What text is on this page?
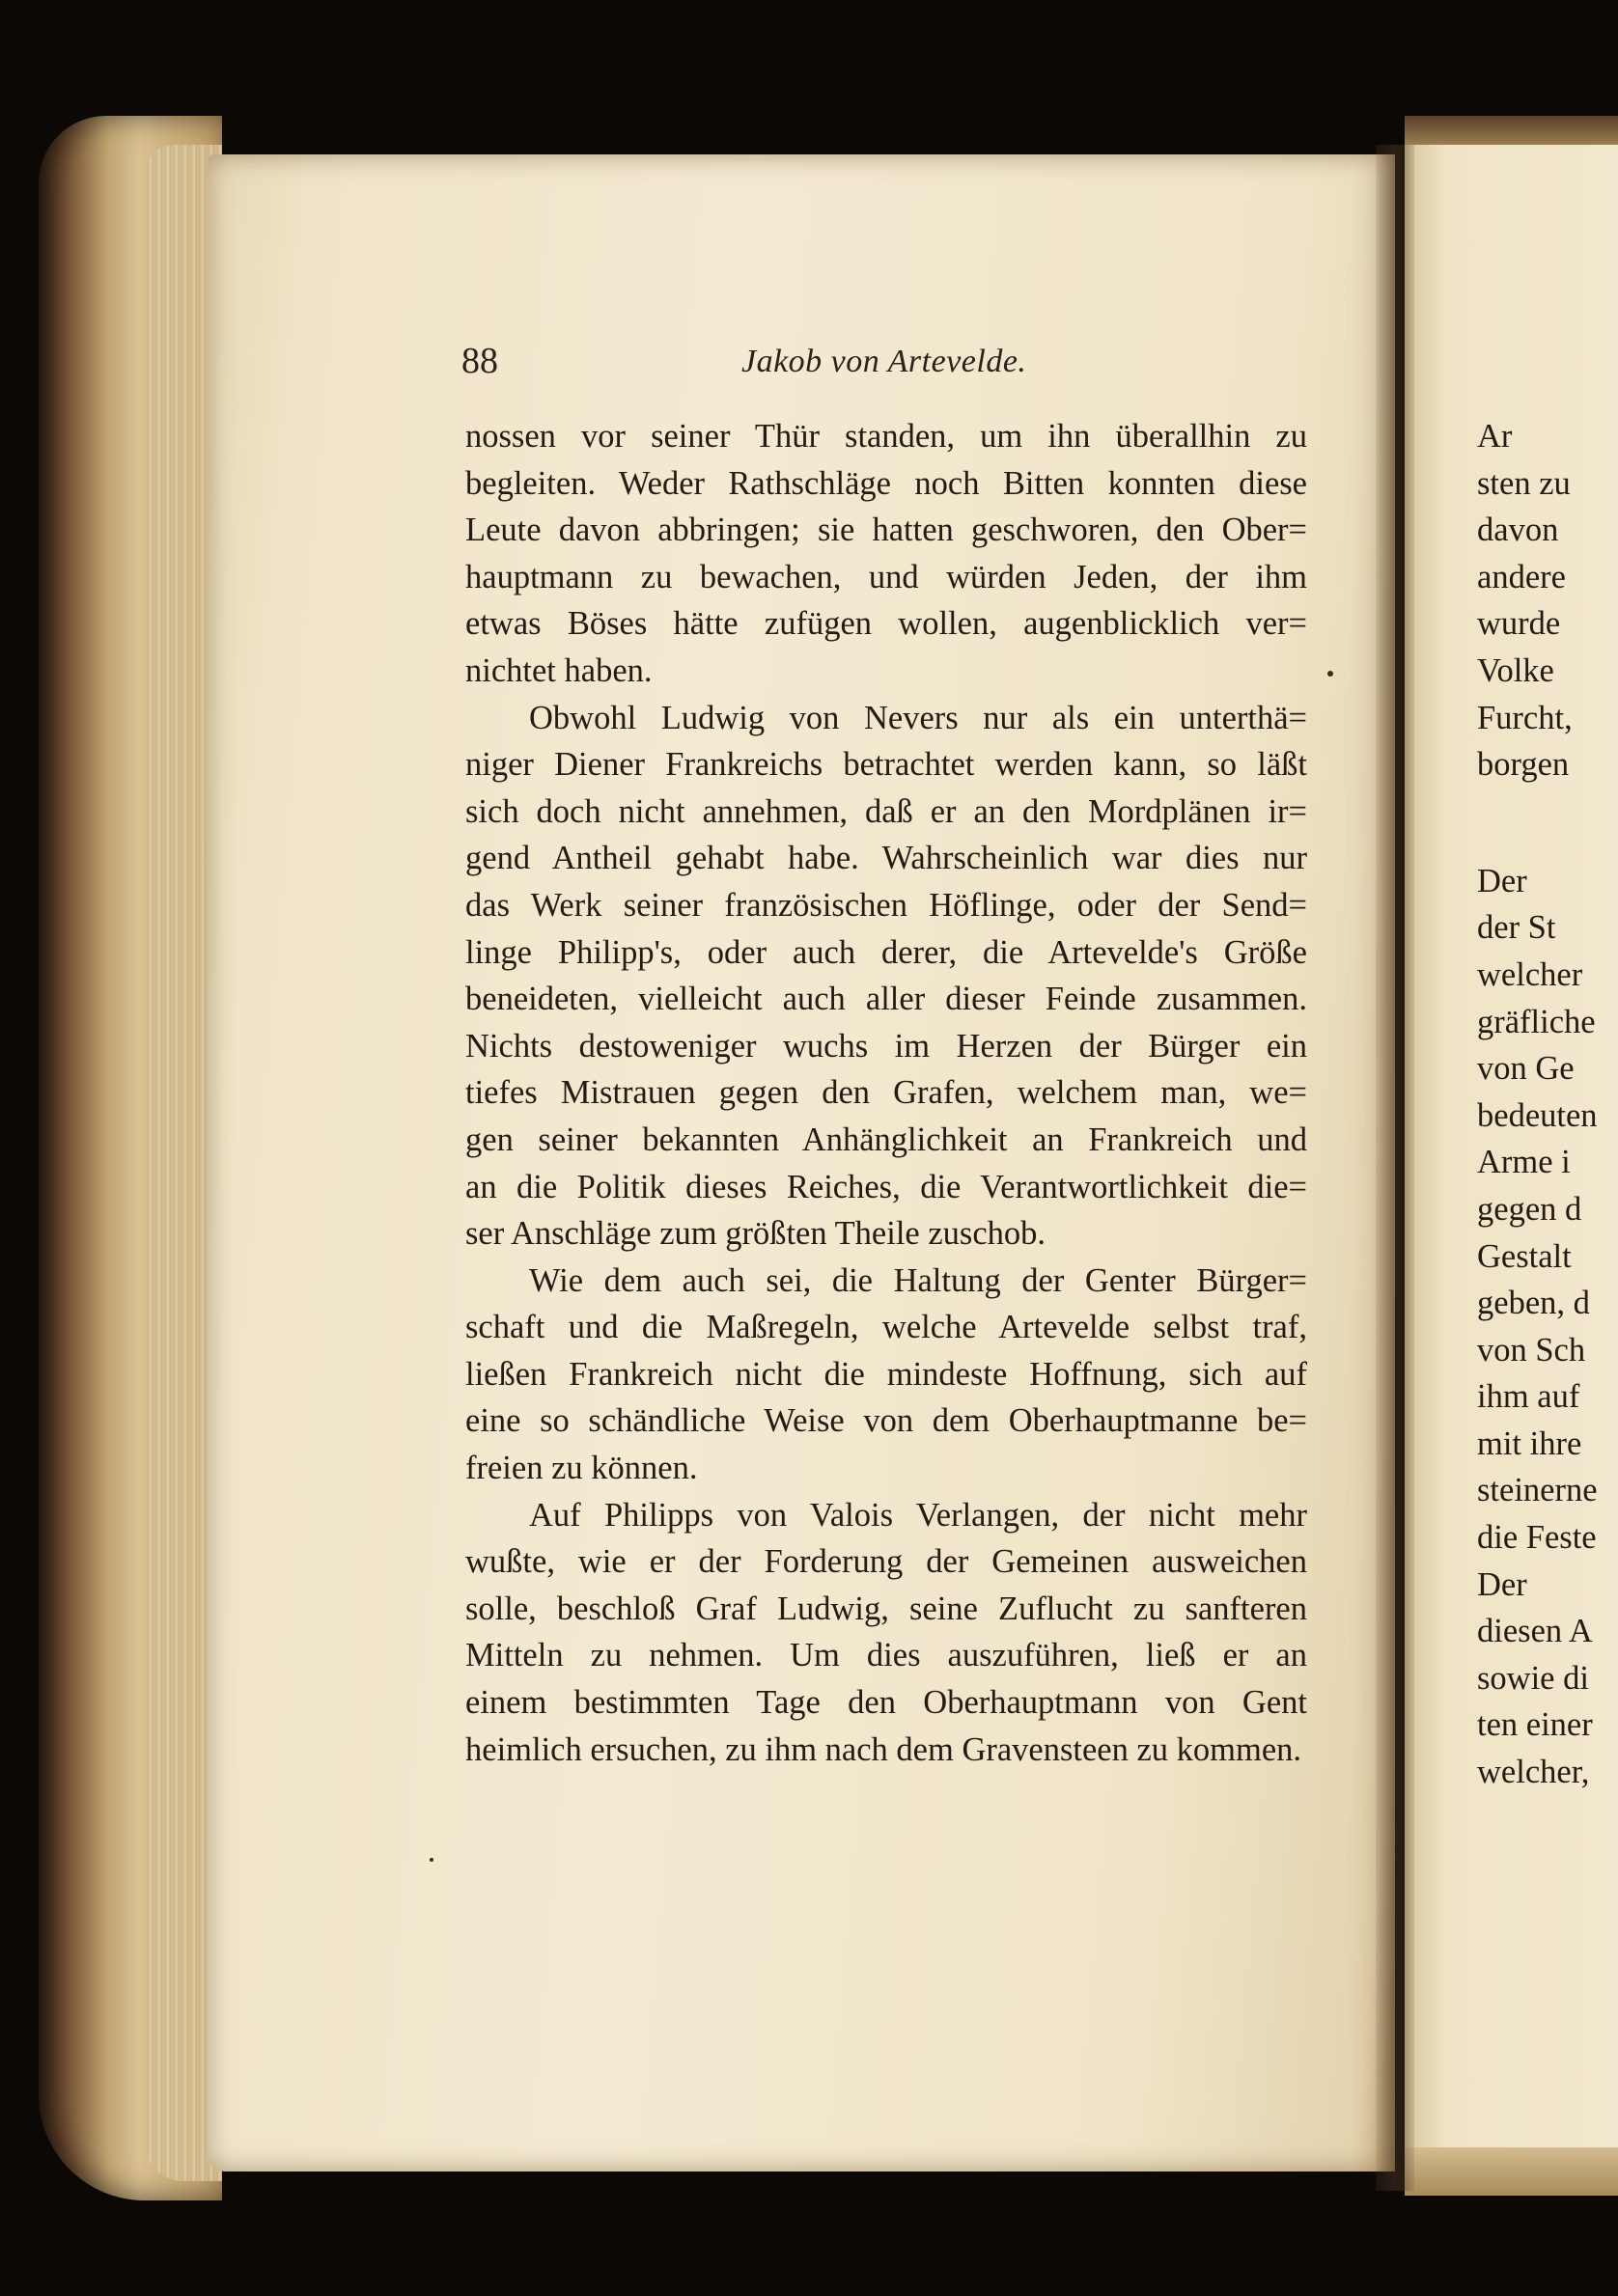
88	Jakob von Artevelde.
nossen vor seiner Thür standen, um ihn überallhin zu
begleiten. Weder Rathschläge noch Bitten konnten diese
Leute davon abbringen; sie hatten geschworen, den Ober=
hauptmann zu bewachen, und würden Jeden, der ihm
etwas Böses hätte zufügen wollen, augenblicklich ver=
nichtet haben.
Obwohl Ludwig von Nevers nur als ein unterthä=
niger Diener Frankreichs betrachtet werden kann, so läßt
sich doch nicht annehmen, daß er an den Mordplänen ir=
gend Antheil gehabt habe. Wahrscheinlich war dies nur
das Werk seiner französischen Höflinge, oder der Send=
linge Philipp's, oder auch derer, die Artevelde's Größe
beneideten, vielleicht auch aller dieser Feinde zusammen.
Nichts destoweniger wuchs im Herzen der Bürger ein
tiefes Mistrauen gegen den Grafen, welchem man, we=
gen seiner bekannten Anhänglichkeit an Frankreich und
an die Politik dieses Reiches, die Verantwortlichkeit die=
ser Anschläge zum größten Theile zuschob.
Wie dem auch sei, die Haltung der Genter Bürger=
schaft und die Maßregeln, welche Artevelde selbst traf,
ließen Frankreich nicht die mindeste Hoffnung, sich auf
eine so schändliche Weise von dem Oberhauptmanne be=
freien zu können.
Auf Philipps von Valois Verlangen, der nicht mehr
wußte, wie er der Forderung der Gemeinen ausweichen
solle, beschloß Graf Ludwig, seine Zuflucht zu sanfteren
Mitteln zu nehmen. Um dies auszuführen, ließ er an
einem bestimmten Tage den Oberhauptmann von Gent
heimlich ersuchen, zu ihm nach dem Gravensteen zu kommen.
Ar
sten zu
davon
andere
wurde
Volke
Furcht,
borgen
Der
der St
welcher
gräfliche
von Ge
bedeuten
Arme i
gegen d
Gestalt
geben, d
von Sch
ihm auf
mit ihre
steinerne
die Feste
Der
diesen A
sowie di
ten einer
welcher,
